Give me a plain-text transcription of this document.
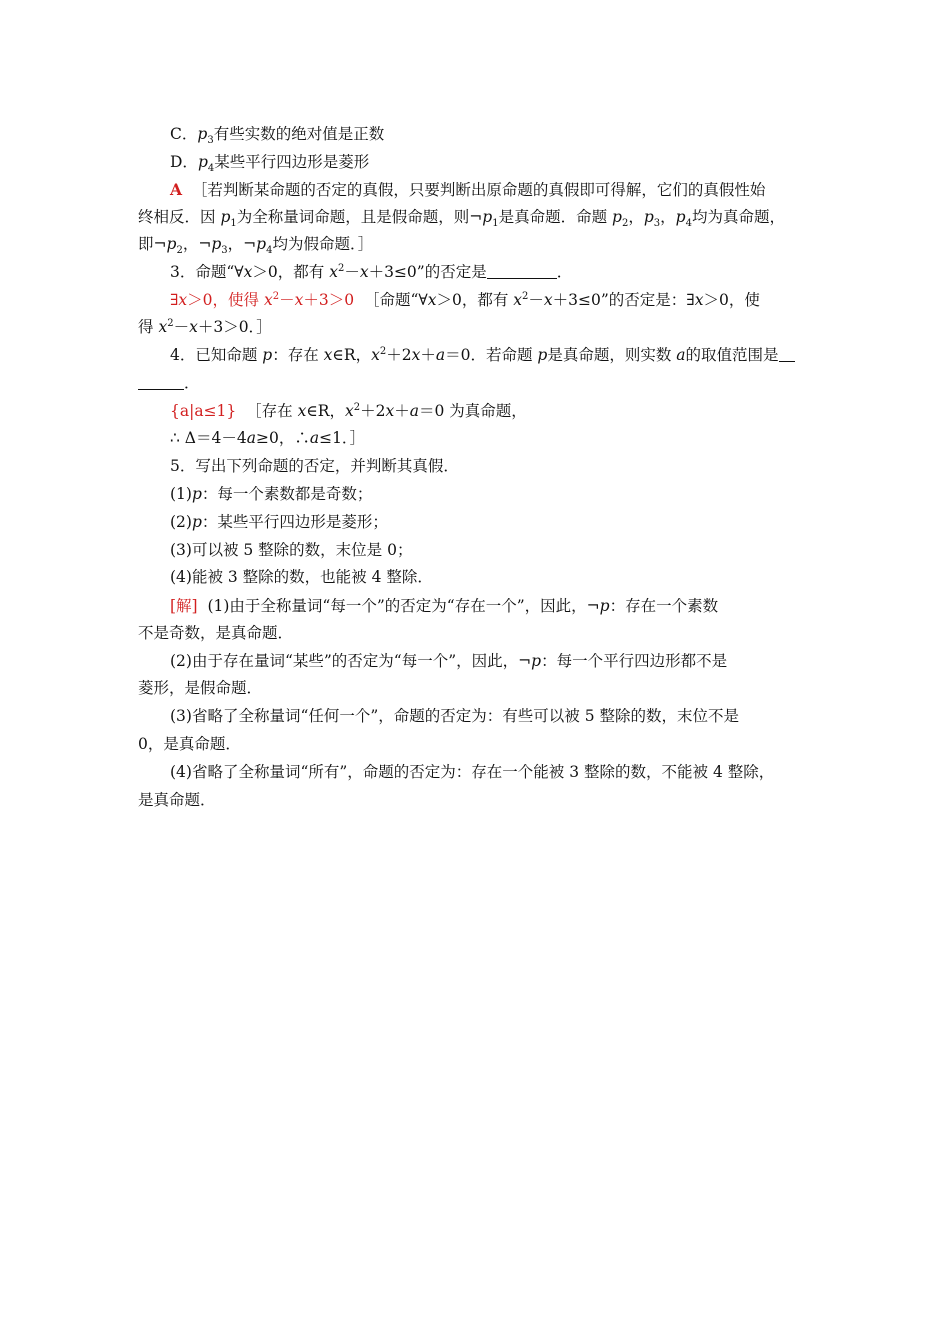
C．$p_3$有些实数的绝对值是正数
D．$p_4$某些平行四边形是菱形
A ［若判断某命题的否定的真假，只要判断出原命题的真假即可得解，它们的真假性始
终相反．因 $p_1$为全称量词命题，且是假命题，则$\neg p_1$是真命题．命题 $p_2$，$p_3$，$p_4$均为真命题，
即$\neg p_2$，$\neg p_3$，$\neg p_4$均为假命题．］
3．命题“∀x＞0，都有 $x^2-x+3\le 0$”的否定是	．
∃x＞0，使得 $x^2-x+3>0$ ［命题“∀x＞0，都有 $x^2-x+3\le 0$”的否定是：∃x＞0，使
得 $x^2-x+3>0$．］
4．已知命题 p：存在 x∈R，$x^2+2x+a=0$．若命题 p是真命题，则实数 a的取值范围是
．
{a|a≤1} ［存在 x∈R，$x^2+2x+a=0$ 为真命题，
∴ Δ＝4－4a≥0，∴a≤1．］
5．写出下列命题的否定，并判断其真假．
(1)p：每一个素数都是奇数；
(2)p：某些平行四边形是菱形；
(3)可以被 5 整除的数，末位是 0；
(4)能被 3 整除的数，也能被 4 整除．
[解] (1)由于全称量词“每一个”的否定为“存在一个”，因此，¬p：存在一个素数
不是奇数，是真命题．
(2)由于存在量词“某些”的否定为“每一个”，因此，¬p：每一个平行四边形都不是
菱形，是假命题．
(3)省略了全称量词“任何一个”，命题的否定为：有些可以被 5 整除的数，末位不是
0，是真命题．
(4)省略了全称量词“所有”，命题的否定为：存在一个能被 3 整除的数，不能被 4 整除，
是真命题．
